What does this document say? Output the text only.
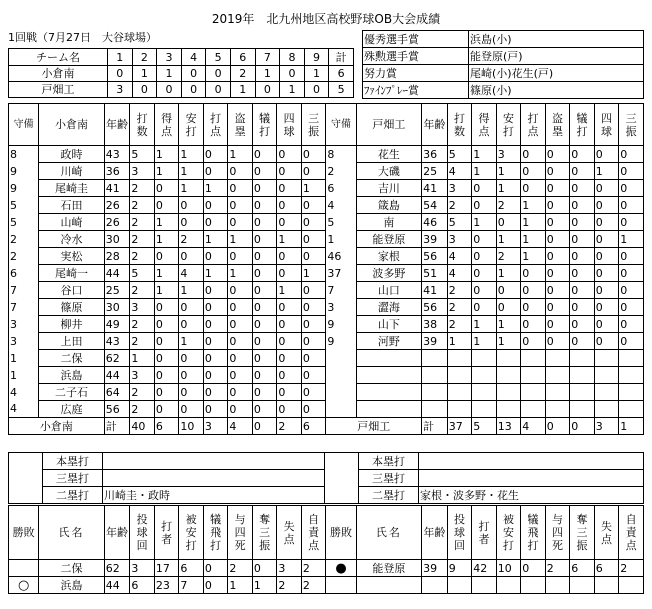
2019年　北九州地区高校野球OB大会成績
1回戦（7月27日　大谷球場）
チーム名	1	2	3	4	5	6	7	8	9	計
小倉南	0	1	1	0	0	2	1	0	1	6
戸畑工	3	0	0	0	0	1	0	1	0	5
優秀選手賞	浜島(小)
殊勲選手賞	能登原(戸)
努力賞	尾崎(小)花生(戸)
ﾌｧｲﾝﾌﾟﾚｰ賞	篠原(小)
守備	小倉南	年齢	打数	得点	安打	打点	盗塁	犠打	四球	三振	守備	戸畑工	年齢	打数	得点	安打	打点	盗塁	犠打	四球	三振
8	政時	43	5	1	1	0	1	0	0	0	8	花生	36	5	1	3	0	0	0	0	0
9	川崎	36	3	1	1	0	0	0	0	0	2	大磯	25	4	1	1	0	0	0	1	0
9	尾崎圭	41	2	0	1	1	0	0	0	1	6	吉川	41	3	0	1	0	0	0	0	0
5	石田	26	2	0	0	0	0	0	0	0	4	箴島	54	2	0	2	1	0	0	0	0
5	山崎	26	2	1	0	0	0	0	0	0	5	南	46	5	1	0	1	0	0	0	0
2	冷水	30	2	1	2	1	1	0	1	0	1	能登原	39	3	0	1	1	0	0	0	1
2	実松	28	2	0	0	0	0	0	0	0	46	家根	56	4	0	2	1	0	0	0	0
6	尾崎一	44	5	1	4	1	1	0	0	1	37	波多野	51	4	0	1	0	0	0	0	0
7	谷口	25	2	1	1	0	0	0	1	0	7	山口	41	2	0	0	0	0	0	0	0
7	篠原	30	3	0	0	0	0	0	0	0	3	澀海	56	2	0	0	0	0	0	0	0
3	柳井	49	2	0	0	0	0	0	0	0	9	山下	38	2	1	1	0	0	0	0	0
3	上田	43	2	0	1	0	0	0	0	0	9	河野	39	1	1	1	0	0	0	0	0
1	二保	62	1	0	0	0	0	0	0	0											
1	浜島	44	3	0	0	0	0	0	0	0											
4	二子石	64	2	0	0	0	0	0	0	0											
4	広庭	56	2	0	0	0	0	0	0	0											
小倉南		計	40	6	10	3	4	0	2	6	戸畑工		計	37	5	13	4	0	0	3	1
	本塁打			本塁打	
	三塁打			三塁打	
	二塁打	川崎圭・政時		二塁打	家根・波多野・花生
勝敗	氏名	年齢	投球回	打者	被安打	犠飛打	与四死	奪三振	失点	自責点	勝敗	氏名	年齢	投球回	打者	被安打	犠飛打	与四死	奪三振	失点	自責点
	二保	62	3	17	6	0	2	0	3	2	●	能登原	39	9	42	10	0	2	6	6	2
○	浜島	44	6	23	7	0	1	1	2	2											
